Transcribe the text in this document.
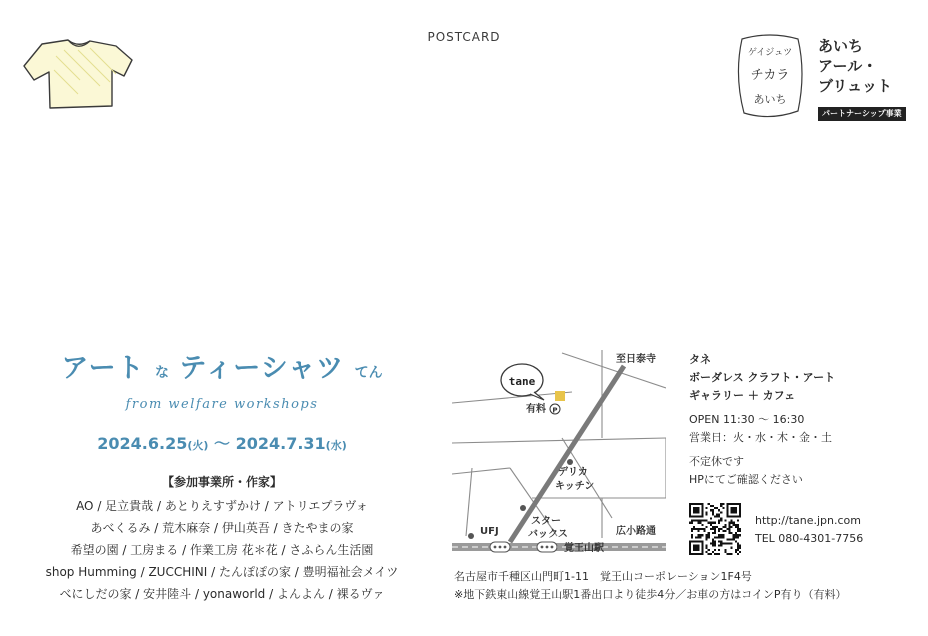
POSTCARD
ゲイジュツ
チカラ
あいち
あいち
アール・
ブリュット
パートナーシップ事業
アート な ティーシャツ てん
from welfare workshops
2024.6.25(火) 〜 2024.7.31(水)
【参加事業所・作家】
AO / 足立貴哉 / あとりえすずかけ / アトリエプラヴォ
あべくるみ / 荒木麻奈 / 伊山英吾 / きたやまの家
希望の園 / 工房まる / 作業工房 花＊花 / さふらん生活園
shop Humming / ZUCCHINI / たんぽぽの家 / 豊明福祉会メイツ
べにしだの家 / 安井陸斗 / yonaworld / よんよん / 裸るヴァ
tane
P
至日泰寺
有料
デリカ
キッチン
スター
バックス
UFJ	広小路通
覚王山駅
タネ
ボーダレス クラフト・アート
ギャラリー ＋ カフェ
OPEN 11:30 〜 16:30
営業日：火・水・木・金・土
不定休です
HPにてご確認ください
http://tane.jpn.com
TEL 080-4301-7756
名古屋市千種区山門町1-11　覚王山コーポレーション1F4号
※地下鉄東山線覚王山駅1番出口より徒歩4分／お車の方はコインP有り（有料）
